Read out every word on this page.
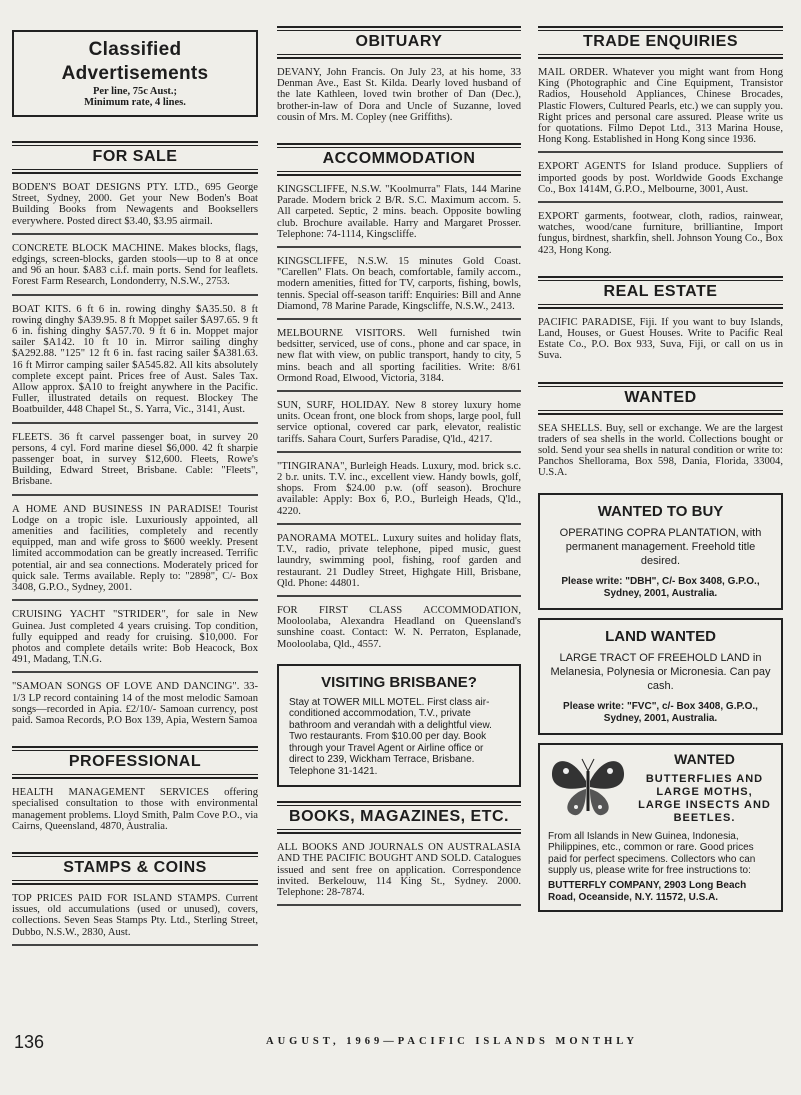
Classified Advertisements
Per line, 75c Aust.;
Minimum rate, 4 lines.
FOR SALE
BODEN'S BOAT DESIGNS PTY. LTD., 695 George Street, Sydney, 2000. Get your New Boden's Boat Building Books from Newagents and Booksellers everywhere. Posted direct $3.40, $3.95 airmail.
CONCRETE BLOCK MACHINE. Makes blocks, flags, edgings, screen-blocks, garden stools—up to 8 at once and 96 an hour. $A83 c.i.f. main ports. Send for leaflets. Forest Farm Research, Londonderry, N.S.W., 2753.
BOAT KITS. 6 ft 6 in. rowing dinghy $A35.50. 8 ft rowing dinghy $A39.95. 8 ft Moppet sailer $A97.65. 9 ft 6 in. fishing dinghy $A57.70. 9 ft 6 in. Moppet major sailer $A142. 10 ft 10 in. Mirror sailing dinghy $A292.88. "125" 12 ft 6 in. fast racing sailer $A381.63. 16 ft Mirror camping sailer $A545.82. All kits absolutely complete except paint. Prices free of Aust. Sales Tax. Allow approx. $A10 to freight anywhere in the Pacific. Fuller, illustrated details on request. Blockey The Boatbuilder, 448 Chapel St., S. Yarra, Vic., 3141, Aust.
FLEETS. 36 ft carvel passenger boat, in survey 20 persons, 4 cyl. Ford marine diesel $6,000. 42 ft sharpie passenger boat, in survey $12,600. Fleets, Rowe's Building, Edward Street, Brisbane. Cable: "Fleets", Brisbane.
A HOME AND BUSINESS IN PARADISE! Tourist Lodge on a tropic isle. Luxuriously appointed, all amenities and facilities, completely and recently equipped, man and wife gross to $600 weekly. Present limited accommodation can be greatly increased. Terrific potential, air and sea connections. Moderately priced for quick sale. Terms available. Reply to: "2898", C/- Box 3408, G.P.O., Sydney, 2001.
CRUISING YACHT "STRIDER", for sale in New Guinea. Just completed 4 years cruising. Top condition, fully equipped and ready for cruising. $10,000. For photos and complete details write: Bob Heacock, Box 491, Madang, T.N.G.
"SAMOAN SONGS OF LOVE AND DANCING". 33-1/3 LP record containing 14 of the most melodic Samoan songs—recorded in Apia. £2/10/- Samoan currency, post paid. Samoa Records, P.O Box 139, Apia, Western Samoa
PROFESSIONAL
HEALTH MANAGEMENT SERVICES offering specialised consultation to those with environmental management problems. Lloyd Smith, Palm Cove P.O., via Cairns, Queensland, 4870, Australia.
STAMPS & COINS
TOP PRICES PAID FOR ISLAND STAMPS. Current issues, old accumulations (used or unused), covers, collections. Seven Seas Stamps Pty. Ltd., Sterling Street, Dubbo, N.S.W., 2830, Aust.
OBITUARY
DEVANY, John Francis. On July 23, at his home, 33 Denman Ave., East St. Kilda. Dearly loved husband of the late Kathleen, loved twin brother of Dan (Dec.), brother-in-law of Dora and Uncle of Suzanne, loved cousin of Mrs. M. Copley (nee Griffiths).
ACCOMMODATION
KINGSCLIFFE, N.S.W. "Koolmurra" Flats, 144 Marine Parade. Modern brick 2 B/R. S.C. Maximum accom. 5. All carpeted. Septic, 2 mins. beach. Opposite bowling club. Brochure available. Harry and Margaret Prosser. Telephone: 74-1114, Kingscliffe.
KINGSCLIFFE, N.S.W. 15 minutes Gold Coast. "Carellen" Flats. On beach, comfortable, family accom., modern amenities, fitted for TV, carports, fishing, bowls, tennis. Special off-season tariff: Enquiries: Bill and Anne Diamond, 78 Marine Parade, Kingscliffe, N.S.W., 2413.
MELBOURNE VISITORS. Well furnished twin bedsitter, serviced, use of cons., phone and car space, in new flat with view, on public transport, handy to city, 5 mins. beach and all sporting facilities. Write: 8/61 Ormond Road, Elwood, Victoria, 3184.
SUN, SURF, HOLIDAY. New 8 storey luxury home units. Ocean front, one block from shops, large pool, full service optional, covered car park, elevator, realistic tariffs. Sahara Court, Surfers Paradise, Q'ld., 4217.
"TINGIRANA", Burleigh Heads. Luxury, mod. brick s.c. 2 b.r. units. T.V. inc., excellent view. Handy bowls, golf, shops. From $24.00 p.w. (off season). Brochure available: Apply: Box 6, P.O., Burleigh Heads, Q'ld., 4220.
PANORAMA MOTEL. Luxury suites and holiday flats, T.V., radio, private telephone, piped music, guest laundry, swimming pool, fishing, roof garden and restaurant. 21 Dudley Street, Highgate Hill, Brisbane, Qld. Phone: 44801.
FOR FIRST CLASS ACCOMMODATION, Mooloolaba, Alexandra Headland on Queensland's sunshine coast. Contact: W. N. Perraton, Esplanade, Mooloolaba, Qld., 4557.
VISITING BRISBANE?
Stay at TOWER MILL MOTEL. First class air-conditioned accommodation, T.V., private bathroom and verandah with a delightful view. Two restaurants. From $10.00 per day. Book through your Travel Agent or Airline office or direct to 239, Wickham Terrace, Brisbane. Telephone 31-1421.
BOOKS, MAGAZINES, ETC.
ALL BOOKS AND JOURNALS ON AUSTRALASIA AND THE PACIFIC BOUGHT AND SOLD. Catalogues issued and sent free on application. Correspondence invited. Berkelouw, 114 King St., Sydney. 2000. Telephone: 28-7874.
TRADE ENQUIRIES
MAIL ORDER. Whatever you might want from Hong King (Photographic and Cine Equipment, Transistor Radios, Household Appliances, Chinese Brocades, Plastic Flowers, Cultured Pearls, etc.) we can supply you. Right prices and personal care assured. Please write us for quotations. Filmo Depot Ltd., 313 Marina House, Hong Kong. Established in Hong Kong since 1936.
EXPORT AGENTS for Island produce. Suppliers of imported goods by post. Worldwide Goods Exchange Co., Box 1414M, G.P.O., Melbourne, 3001, Aust.
EXPORT garments, footwear, cloth, radios, rainwear, watches, wood/cane furniture, brilliantine, Import fungus, birdnest, sharkfin, shell. Johnson Young Co., Box 423, Hong Kong.
REAL ESTATE
PACIFIC PARADISE, Fiji. If you want to buy Islands, Land, Houses, or Guest Houses. Write to Pacific Real Estate Co., P.O. Box 933, Suva, Fiji, or call on us in Suva.
WANTED
SEA SHELLS. Buy, sell or exchange. We are the largest traders of sea shells in the world. Collections bought or sold. Send your sea shells in natural condition or write to: Panchos Shellorama, Box 598, Dania, Florida, 33004, U.S.A.
WANTED TO BUY
OPERATING COPRA PLANTATION, with permanent management. Freehold title desired.
Please write: "DBH", C/- Box 3408, G.P.O., Sydney, 2001, Australia.
LAND WANTED
LARGE TRACT OF FREEHOLD LAND in Melanesia, Polynesia or Micronesia. Can pay cash.
Please write: "FVC", c/- Box 3408, G.P.O., Sydney, 2001, Australia.
WANTED
BUTTERFLIES AND LARGE MOTHS, LARGE INSECTS AND BEETLES.
From all Islands in New Guinea, Indonesia, Philippines, etc., common or rare. Good prices paid for perfect specimens. Collectors who can supply us, please write for free instructions to:
BUTTERFLY COMPANY, 2903 Long Beach Road, Oceanside, N.Y. 11572, U.S.A.
136	AUGUST, 1969—PACIFIC ISLANDS MONTHLY
